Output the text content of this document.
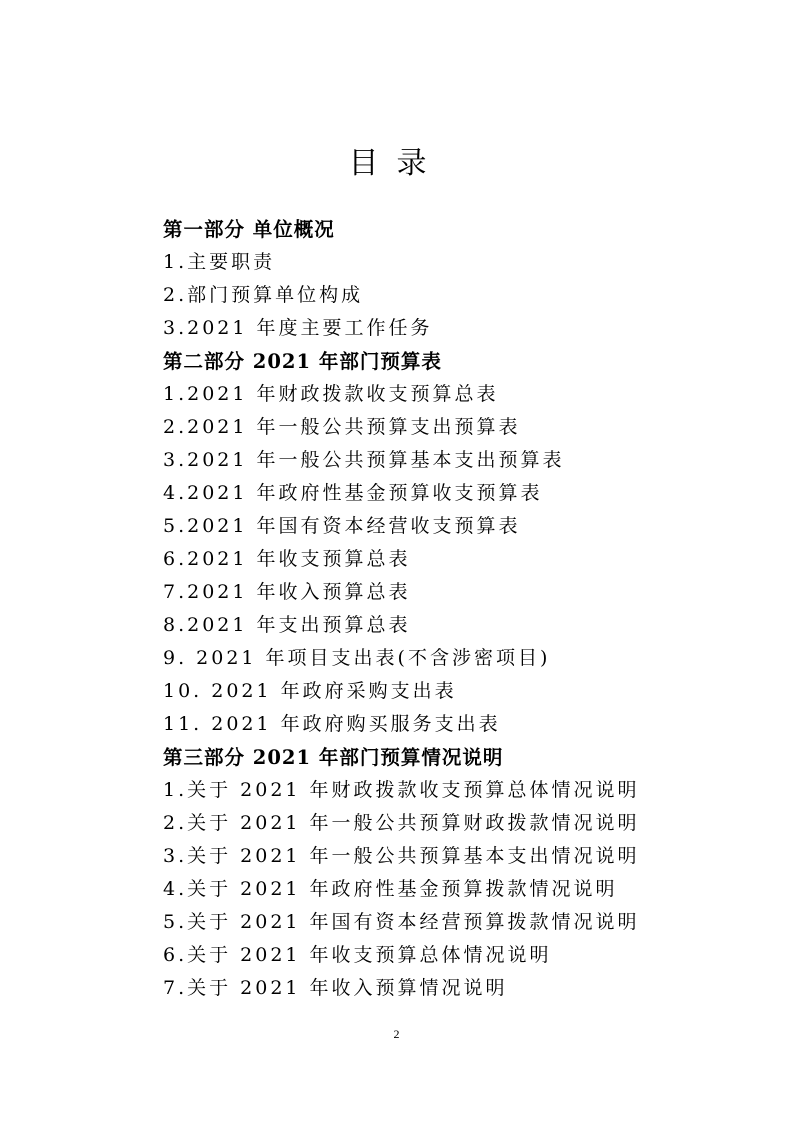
目录
第一部分 单位概况
1.主要职责
2.部门预算单位构成
3.2021 年度主要工作任务
第二部分 2021 年部门预算表
1.2021 年财政拨款收支预算总表
2.2021 年一般公共预算支出预算表
3.2021 年一般公共预算基本支出预算表
4.2021 年政府性基金预算收支预算表
5.2021 年国有资本经营收支预算表
6.2021 年收支预算总表
7.2021 年收入预算总表
8.2021 年支出预算总表
9. 2021 年项目支出表(不含涉密项目)
10. 2021 年政府采购支出表
11. 2021 年政府购买服务支出表
第三部分 2021 年部门预算情况说明
1.关于 2021 年财政拨款收支预算总体情况说明
2.关于 2021 年一般公共预算财政拨款情况说明
3.关于 2021 年一般公共预算基本支出情况说明
4.关于 2021 年政府性基金预算拨款情况说明
5.关于 2021 年国有资本经营预算拨款情况说明
6.关于 2021 年收支预算总体情况说明
7.关于 2021 年收入预算情况说明
2
